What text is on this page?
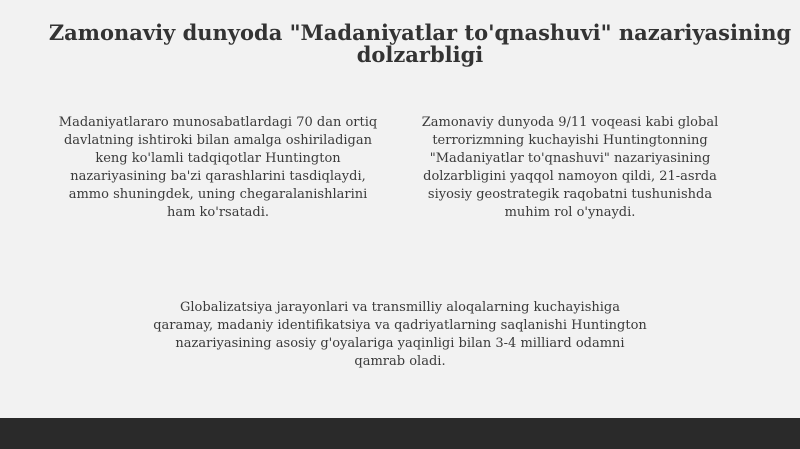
Zamonaviy dunyoda "Madaniyatlar to'qnashuvi" nazariyasining dolzarbligi

Madaniyatlararo munosabatlardagi 70 dan ortiq davlatning ishtiroki bilan amalga oshiriladigan keng ko'lamli tadqiqotlar Huntington nazariyasining ba'zi qarashlarini tasdiqlaydi, ammo shuningdek, uning chegaralanishlarini ham ko'rsatadi.

Zamonaviy dunyoda 9/11 voqeasi kabi global terrorizmning kuchayishi Huntingtonning "Madaniyatlar to'qnashuvi" nazariyasining dolzarbligini yaqqol namoyon qildi, 21-asrda siyosiy geostrategik raqobatni tushunishda muhim rol o'ynaydi.

Globalizatsiya jarayonlari va transmilliy aloqalarning kuchayishiga qaramay, madaniy identifikatsiya va qadriyatlarning saqlanishi Huntington nazariyasining asosiy g'oyalariga yaqinligi bilan 3-4 milliard odamni qamrab oladi.
